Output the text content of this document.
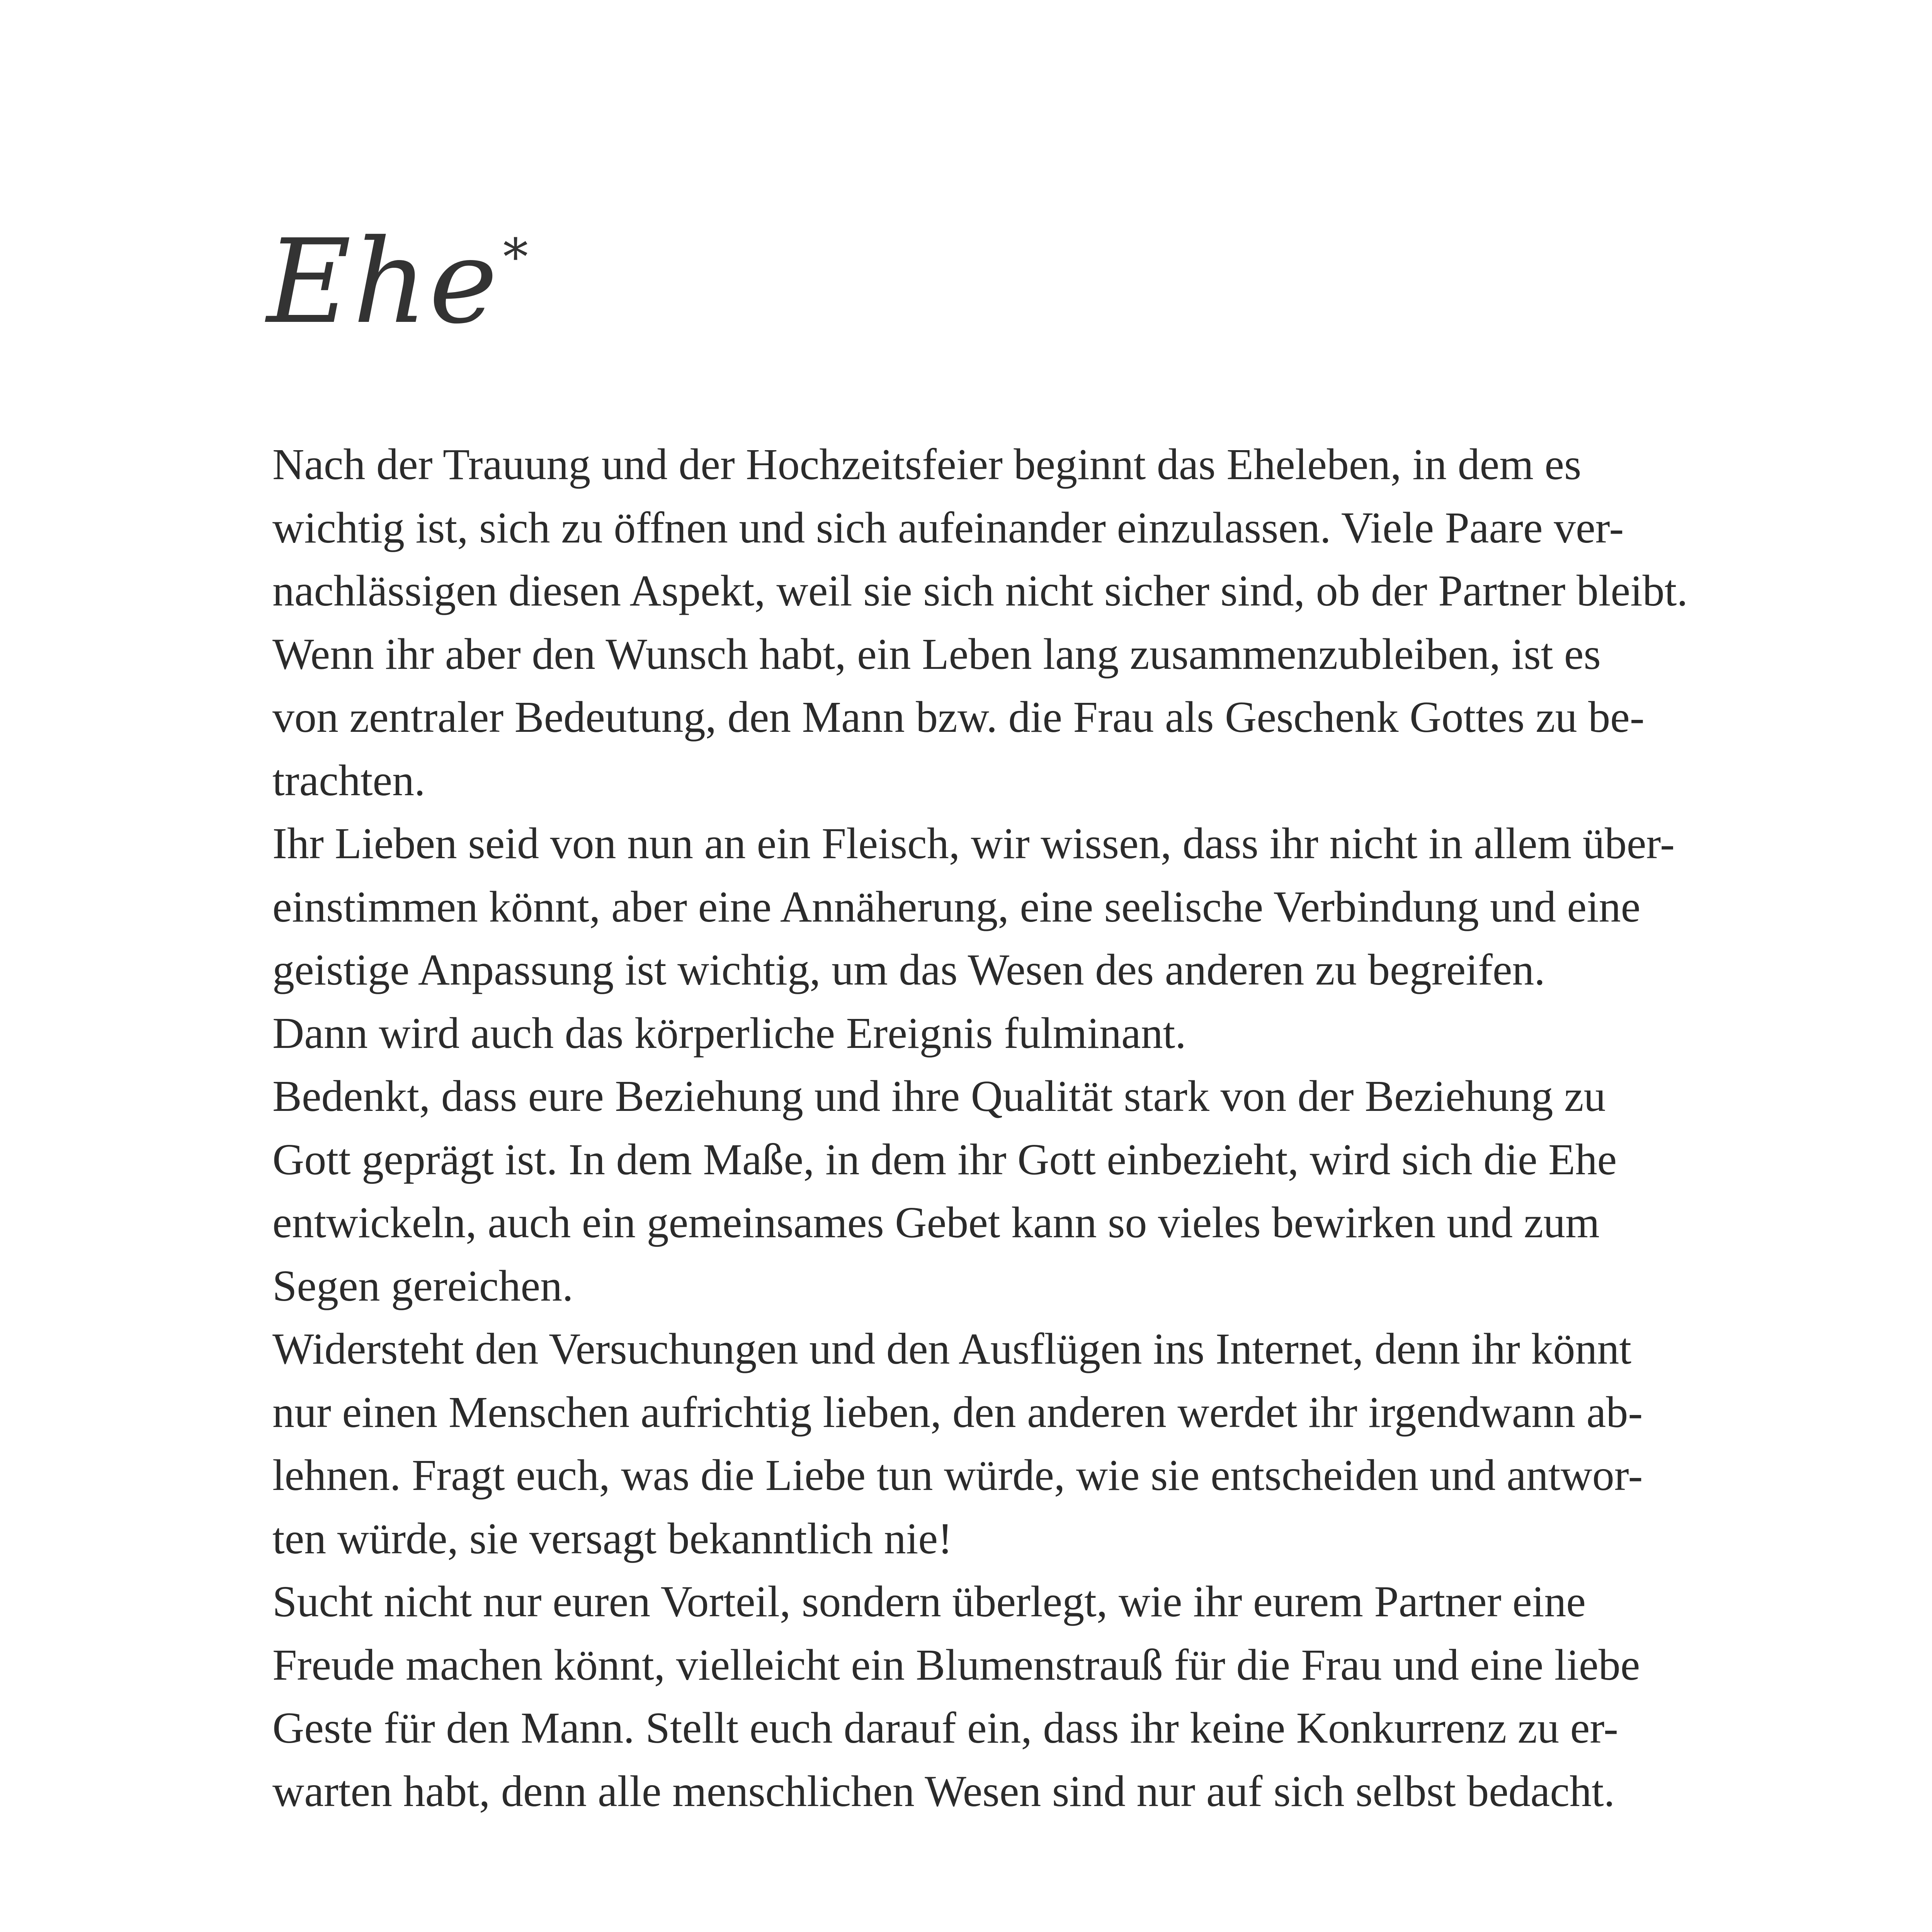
Ehe*
Nach der Trauung und der Hochzeitsfeier beginnt das Eheleben, in dem es
wichtig ist, sich zu öffnen und sich aufeinander einzulassen. Viele Paare ver-
nachlässigen diesen Aspekt, weil sie sich nicht sicher sind, ob der Partner bleibt.
Wenn ihr aber den Wunsch habt, ein Leben lang zusammenzubleiben, ist es
von zentraler Bedeutung, den Mann bzw. die Frau als Geschenk Gottes zu be-
trachten.
Ihr Lieben seid von nun an ein Fleisch, wir wissen, dass ihr nicht in allem über-
einstimmen könnt, aber eine Annäherung, eine seelische Verbindung und eine
geistige Anpassung ist wichtig, um das Wesen des anderen zu begreifen.
Dann wird auch das körperliche Ereignis fulminant.
Bedenkt, dass eure Beziehung und ihre Qualität stark von der Beziehung zu
Gott geprägt ist. In dem Maße, in dem ihr Gott einbezieht, wird sich die Ehe
entwickeln, auch ein gemeinsames Gebet kann so vieles bewirken und zum
Segen gereichen.
Widersteht den Versuchungen und den Ausflügen ins Internet, denn ihr könnt
nur einen Menschen aufrichtig lieben, den anderen werdet ihr irgendwann ab-
lehnen. Fragt euch, was die Liebe tun würde, wie sie entscheiden und antwor-
ten würde, sie versagt bekanntlich nie!
Sucht nicht nur euren Vorteil, sondern überlegt, wie ihr eurem Partner eine
Freude machen könnt, vielleicht ein Blumenstrauß für die Frau und eine liebe
Geste für den Mann. Stellt euch darauf ein, dass ihr keine Konkurrenz zu er-
warten habt, denn alle menschlichen Wesen sind nur auf sich selbst bedacht.
